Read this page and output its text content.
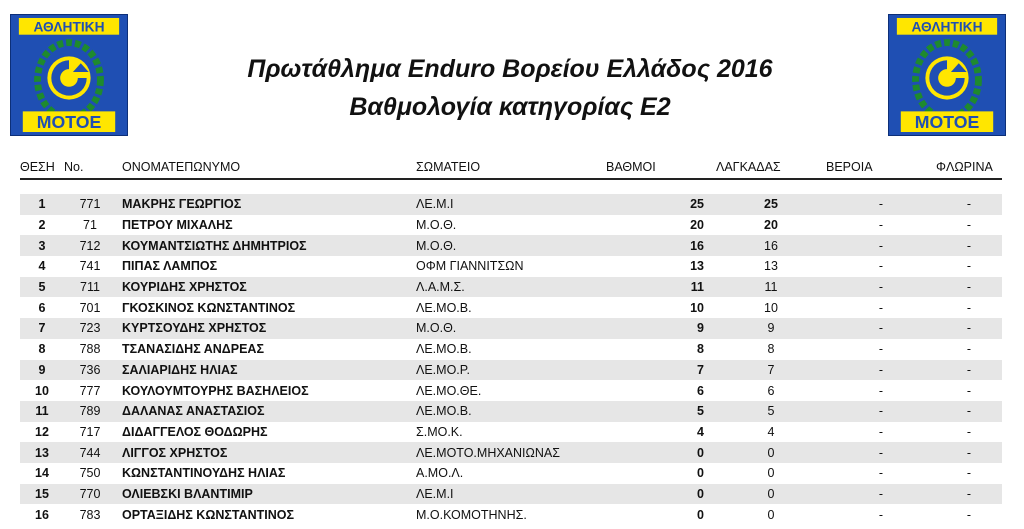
ΑΘΛΗΤΙΚΗ
ΜΟΤΟΕ
ΑΘΛΗΤΙΚΗ
ΜΟΤΟΕ
Πρωτάθλημα Enduro Βορείου Ελλάδος 2016
Βαθμολογία κατηγορίας Ε2
ΘΕΣΗ	No.	ΟΝΟΜΑΤΕΠΩΝΥΜΟ	ΣΩΜΑΤΕΙΟ	ΒΑΘΜΟΙ	ΛΑΓΚΑΔΑΣ	ΒΕΡΟΙΑ	ΦΛΩΡΙΝΑ

1	771	ΜΑΚΡΗΣ ΓΕΩΡΓΙΟΣ	ΛΕ.Μ.Ι	25	25	-	-
2	71	ΠΕΤΡΟΥ ΜΙΧΑΛΗΣ	Μ.Ο.Θ.	20	20	-	-
3	712	ΚΟΥΜΑΝΤΣΙΩΤΗΣ ΔΗΜΗΤΡΙΟΣ	Μ.Ο.Θ.	16	16	-	-
4	741	ΠΙΠΑΣ ΛΑΜΠΟΣ	ΟΦΜ ΓΙΑΝΝΙΤΣΩΝ	13	13	-	-
5	711	ΚΟΥΡΙΔΗΣ ΧΡΗΣΤΟΣ	Λ.Α.Μ.Σ.	11	11	-	-
6	701	ΓΚΟΣΚΙΝΟΣ ΚΩΝΣΤΑΝΤΙΝΟΣ	ΛΕ.ΜΟ.Β.	10	10	-	-
7	723	ΚΥΡΤΣΟΥΔΗΣ ΧΡΗΣΤΟΣ	Μ.Ο.Θ.	9	9	-	-
8	788	ΤΣΑΝΑΣΙΔΗΣ ΑΝΔΡΕΑΣ	ΛΕ.ΜΟ.Β.	8	8	-	-
9	736	ΣΑΛΙΑΡΙΔΗΣ ΗΛΙΑΣ	ΛΕ.ΜΟ.Ρ.	7	7	-	-
10	777	ΚΟΥΛΟΥΜΤΟΥΡΗΣ ΒΑΣΗΛΕΙΟΣ	ΛΕ.ΜΟ.ΘΕ.	6	6	-	-
11	789	ΔΑΛΑΝΑΣ ΑΝΑΣΤΑΣΙΟΣ	ΛΕ.ΜΟ.Β.	5	5	-	-
12	717	ΔΙΔΑΓΓΕΛΟΣ ΘΟΔΩΡΗΣ	Σ.ΜΟ.Κ.	4	4	-	-
13	744	ΛΙΓΓΟΣ ΧΡΗΣΤΟΣ	ΛΕ.ΜΟΤΟ.ΜΗΧΑΝΙΩΝΑΣ	0	0	-	-
14	750	ΚΩΝΣΤΑΝΤΙΝΟΥΔΗΣ ΗΛΙΑΣ	Α.ΜΟ.Λ.	0	0	-	-
15	770	ΟΛΙΕΒΣΚΙ ΒΛΑΝΤΙΜΙΡ	ΛΕ.Μ.Ι	0	0	-	-
16	783	ΟΡΤΑΞΙΔΗΣ ΚΩΝΣΤΑΝΤΙΝΟΣ	Μ.Ο.ΚΟΜΟΤΗΝΗΣ.	0	0	-	-
